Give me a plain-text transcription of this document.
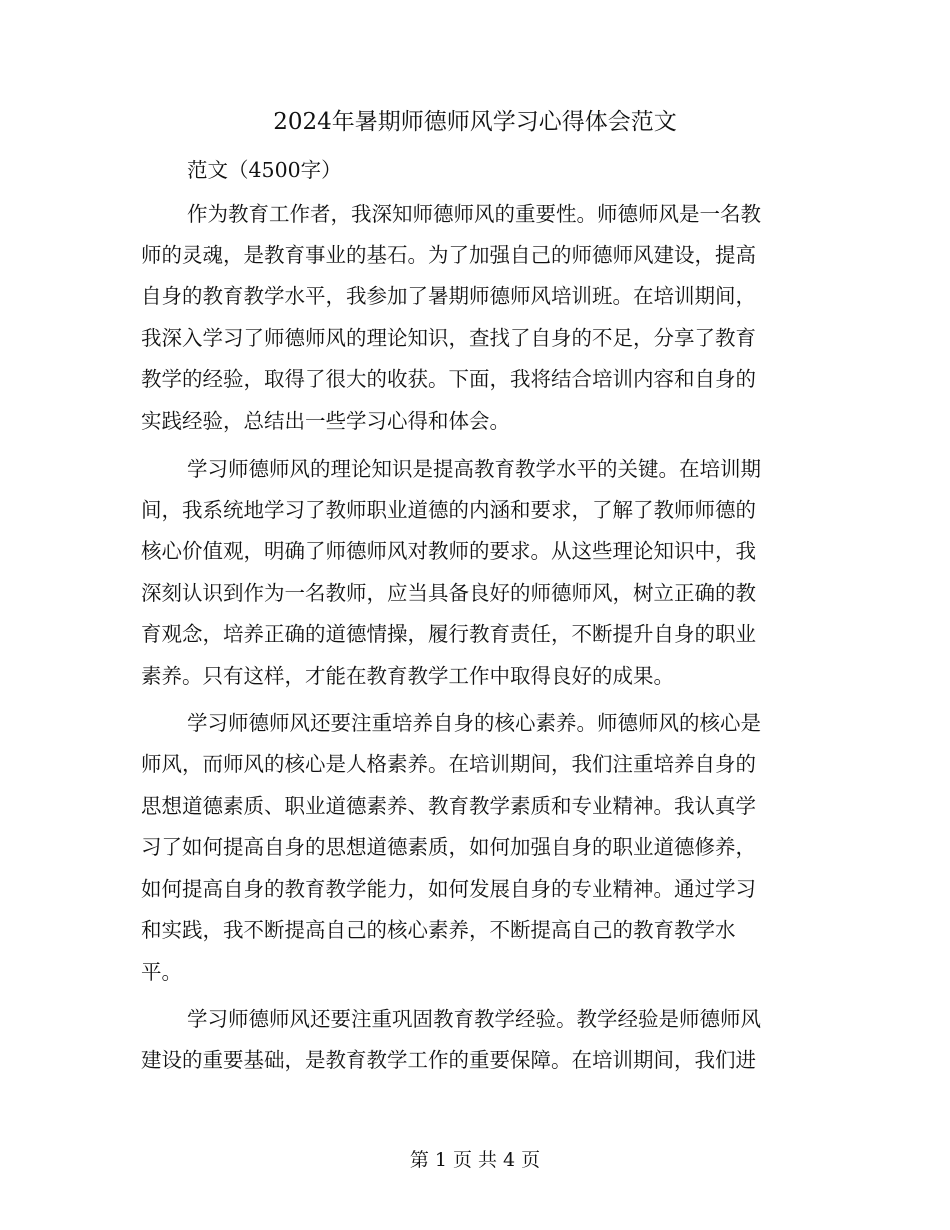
2024年暑期师德师风学习心得体会范文

范文（4500字）

作为教育工作者，我深知师德师风的重要性。师德师风是一名教

师的灵魂，是教育事业的基石。为了加强自己的师德师风建设，提高

自身的教育教学水平，我参加了暑期师德师风培训班。在培训期间，

我深入学习了师德师风的理论知识，查找了自身的不足，分享了教育

教学的经验，取得了很大的收获。下面，我将结合培训内容和自身的

实践经验，总结出一些学习心得和体会。

学习师德师风的理论知识是提高教育教学水平的关键。在培训期

间，我系统地学习了教师职业道德的内涵和要求，了解了教师师德的

核心价值观，明确了师德师风对教师的要求。从这些理论知识中，我

深刻认识到作为一名教师，应当具备良好的师德师风，树立正确的教

育观念，培养正确的道德情操，履行教育责任，不断提升自身的职业

素养。只有这样，才能在教育教学工作中取得良好的成果。

学习师德师风还要注重培养自身的核心素养。师德师风的核心是

师风，而师风的核心是人格素养。在培训期间，我们注重培养自身的

思想道德素质、职业道德素养、教育教学素质和专业精神。我认真学

习了如何提高自身的思想道德素质，如何加强自身的职业道德修养，

如何提高自身的教育教学能力，如何发展自身的专业精神。通过学习

和实践，我不断提高自己的核心素养，不断提高自己的教育教学水

平。

学习师德师风还要注重巩固教育教学经验。教学经验是师德师风

建设的重要基础，是教育教学工作的重要保障。在培训期间，我们进

第 1 页 共 4 页
